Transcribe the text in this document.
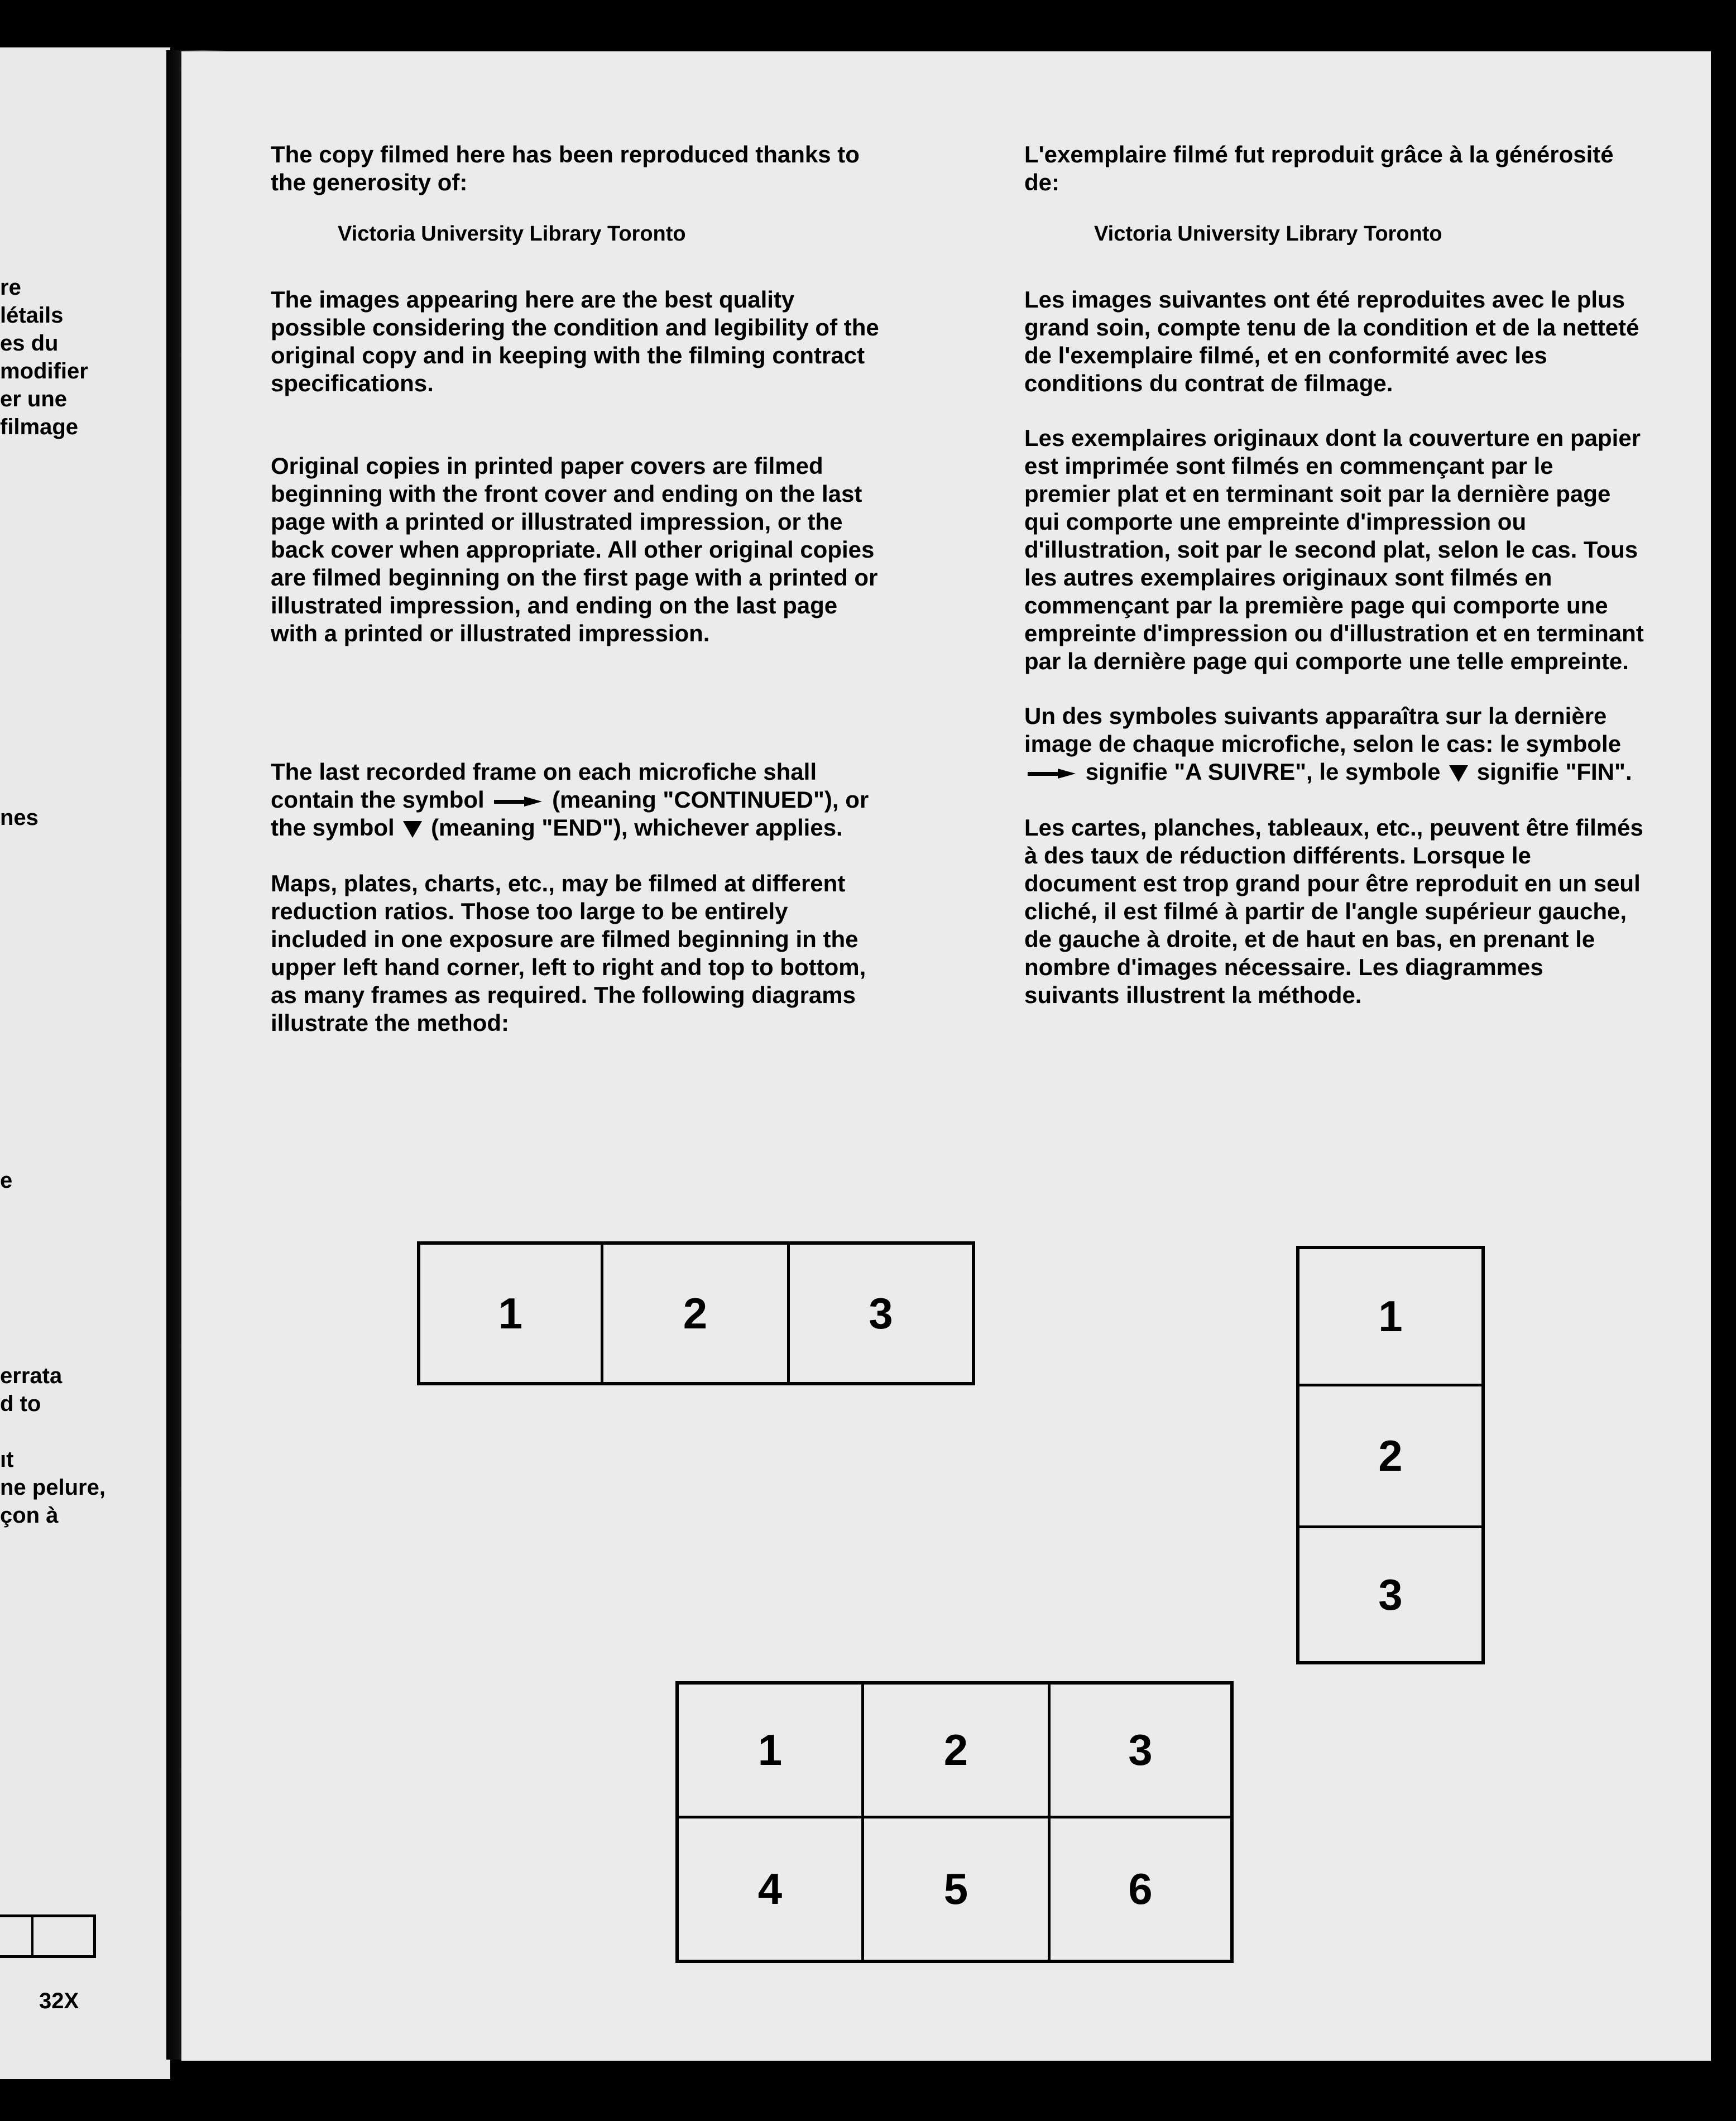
re
létails
es du
modifier
er une
filmage
nes
e
errata
d to
ıt
ne pelure,
çon à
32X

The copy filmed here has been reproduced thanks to the generosity of:

Victoria University Library Toronto

The images appearing here are the best quality possible considering the condition and legibility of the original copy and in keeping with the filming contract specifications.

Original copies in printed paper covers are filmed beginning with the front cover and ending on the last page with a printed or illustrated impression, or the back cover when appropriate. All other original copies are filmed beginning on the first page with a printed or illustrated impression, and ending on the last page with a printed or illustrated impression.

The last recorded frame on each microfiche shall contain the symbol	(meaning "CONTINUED"), or the symbol (meaning "END"), whichever applies.

Maps, plates, charts, etc., may be filmed at different reduction ratios. Those too large to be entirely included in one exposure are filmed beginning in the upper left hand corner, left to right and top to bottom, as many frames as required. The following diagrams illustrate the method:

L'exemplaire filmé fut reproduit grâce à la générosité de:

Victoria University Library Toronto

Les images suivantes ont été reproduites avec le plus grand soin, compte tenu de la condition et de la netteté de l'exemplaire filmé, et en conformité avec les conditions du contrat de filmage.

Les exemplaires originaux dont la couverture en papier est imprimée sont filmés en commençant par le premier plat et en terminant soit par la dernière page qui comporte une empreinte d'impression ou d'illustration, soit par le second plat, selon le cas. Tous les autres exemplaires originaux sont filmés en commençant par la première page qui comporte une empreinte d'impression ou d'illustration et en terminant par la dernière page qui comporte une telle empreinte.

Un des symboles suivants apparaîtra sur la dernière image de chaque microfiche, selon le cas: le symbole  signifie "A SUIVRE", le symbole signifie "FIN".

Les cartes, planches, tableaux, etc., peuvent être filmés à des taux de réduction différents. Lorsque le document est trop grand pour être reproduit en un seul cliché, il est filmé à partir de l'angle supérieur gauche, de gauche à droite, et de haut en bas, en prenant le nombre d'images nécessaire. Les diagrammes suivants illustrent la méthode.

1	2	3	1
2
3
1	2	3
4	5	6
